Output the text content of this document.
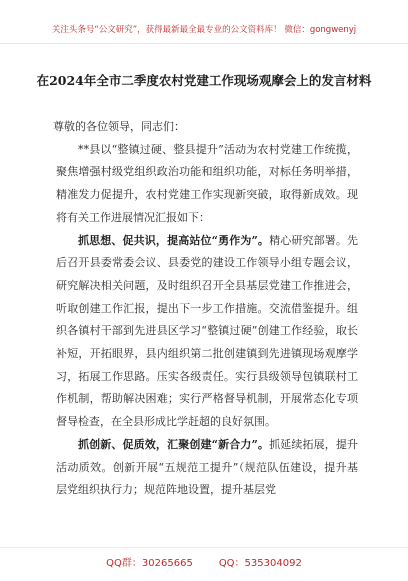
关注头条号“公文研究”，获得最新最全最专业的公文资料库！ 微信：gongwenyj
在2024年全市二季度农村党建工作现场观摩会上的发言材料

尊敬的各位领导，同志们：

**县以“整镇过硬、整县提升”活动为农村党建工作统揽，聚焦增强村级党组织政治功能和组织功能，对标任务明举措，精准发力促提升，农村党建工作实现新突破，取得新成效。现将有关工作进展情况汇报如下：

抓思想、促共识，提高站位“勇作为”。精心研究部署。先后召开县委常委会议、县委党的建设工作领导小组专题会议，研究解决相关问题，及时组织召开全县基层党建工作推进会，听取创建工作汇报，提出下一步工作措施。交流借鉴提升。组织各镇村干部到先进县区学习“整镇过硬”创建工作经验，取长补短，开拓眼界，县内组织第二批创建镇到先进镇现场观摩学习，拓展工作思路。压实各级责任。实行县级领导包镇联村工作机制，帮助解决困难；实行严格督导机制，开展常态化专项督导检查，在全县形成比学赶超的良好氛围。

抓创新、促质效，汇聚创建“新合力”。抓延续拓展，提升活动质效。创新开展“五规范工提升”（规范队伍建设，提升基层党组织执行力；规范阵地设置，提升基层党

QQ群：30265665	QQ：535304092
